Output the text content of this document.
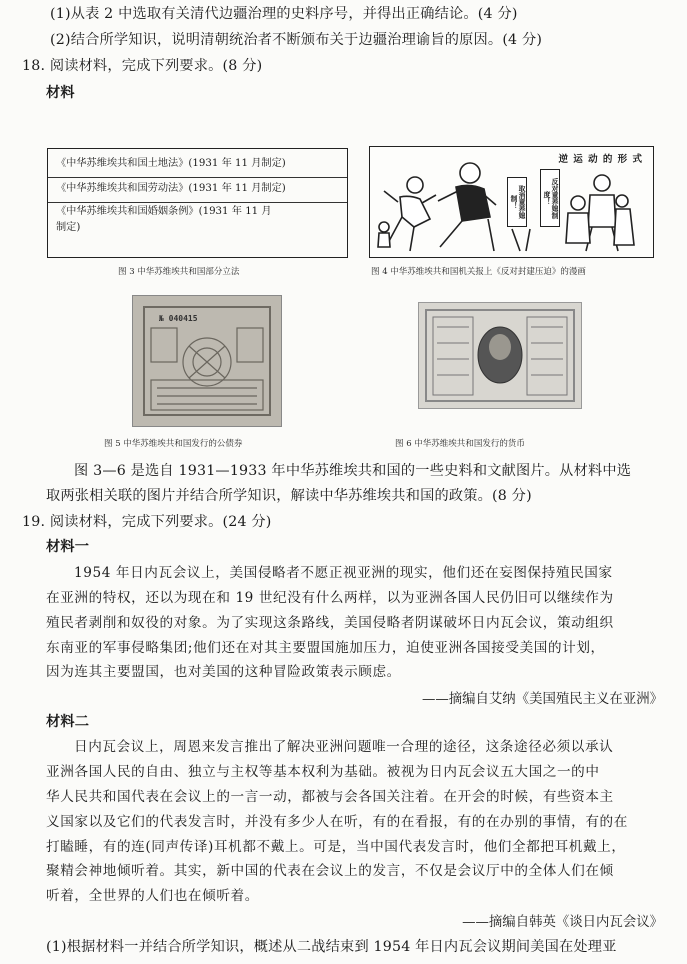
(1)从表 2 中选取有关清代边疆治理的史料序号，并得出正确结论。(4 分)
(2)结合所学知识，说明清朝统治者不断颁布关于边疆治理谕旨的原因。(4 分)
18. 阅读材料，完成下列要求。(8 分)
材料
《中华苏维埃共和国土地法》(1931 年 11 月制定)
《中华苏维埃共和国劳动法》(1931 年 11 月制定)
《中华苏维埃共和国婚姻条例》(1931 年 11 月
制定)
逆 运 动 的 形 式
取消童养媳制！	反对童养媳制度！
图 3 中华苏维埃共和国部分立法	图 4 中华苏维埃共和国机关报上《反对封建压迫》的漫画
№ 040415
图 5 中华苏维埃共和国发行的公债券	图 6 中华苏维埃共和国发行的货币
图 3—6 是选自 1931—1933 年中华苏维埃共和国的一些史料和文献图片。从材料中选
取两张相关联的图片并结合所学知识，解读中华苏维埃共和国的政策。(8 分)
19. 阅读材料，完成下列要求。(24 分)
材料一
1954 年日内瓦会议上，美国侵略者不愿正视亚洲的现实，他们还在妄图保持殖民国家
在亚洲的特权，还以为现在和 19 世纪没有什么两样，以为亚洲各国人民仍旧可以继续作为
殖民者剥削和奴役的对象。为了实现这条路线，美国侵略者阴谋破坏日内瓦会议，策动组织
东南亚的军事侵略集团;他们还在对其主要盟国施加压力，迫使亚洲各国接受美国的计划，
因为连其主要盟国，也对美国的这种冒险政策表示顾虑。
——摘编自艾纳《美国殖民主义在亚洲》
材料二
日内瓦会议上，周恩来发言推出了解决亚洲问题唯一合理的途径，这条途径必须以承认
亚洲各国人民的自由、独立与主权等基本权利为基础。被视为日内瓦会议五大国之一的中
华人民共和国代表在会议上的一言一动，都被与会各国关注着。在开会的时候，有些资本主
义国家以及它们的代表发言时，并没有多少人在听，有的在看报，有的在办别的事情，有的在
打瞌睡，有的连(同声传译)耳机都不戴上。可是，当中国代表发言时，他们全都把耳机戴上，
聚精会神地倾听着。其实，新中国的代表在会议上的发言，不仅是会议厅中的全体人们在倾
听着，全世界的人们也在倾听着。
——摘编自韩英《谈日内瓦会议》
(1)根据材料一并结合所学知识，概述从二战结束到 1954 年日内瓦会议期间美国在处理亚
